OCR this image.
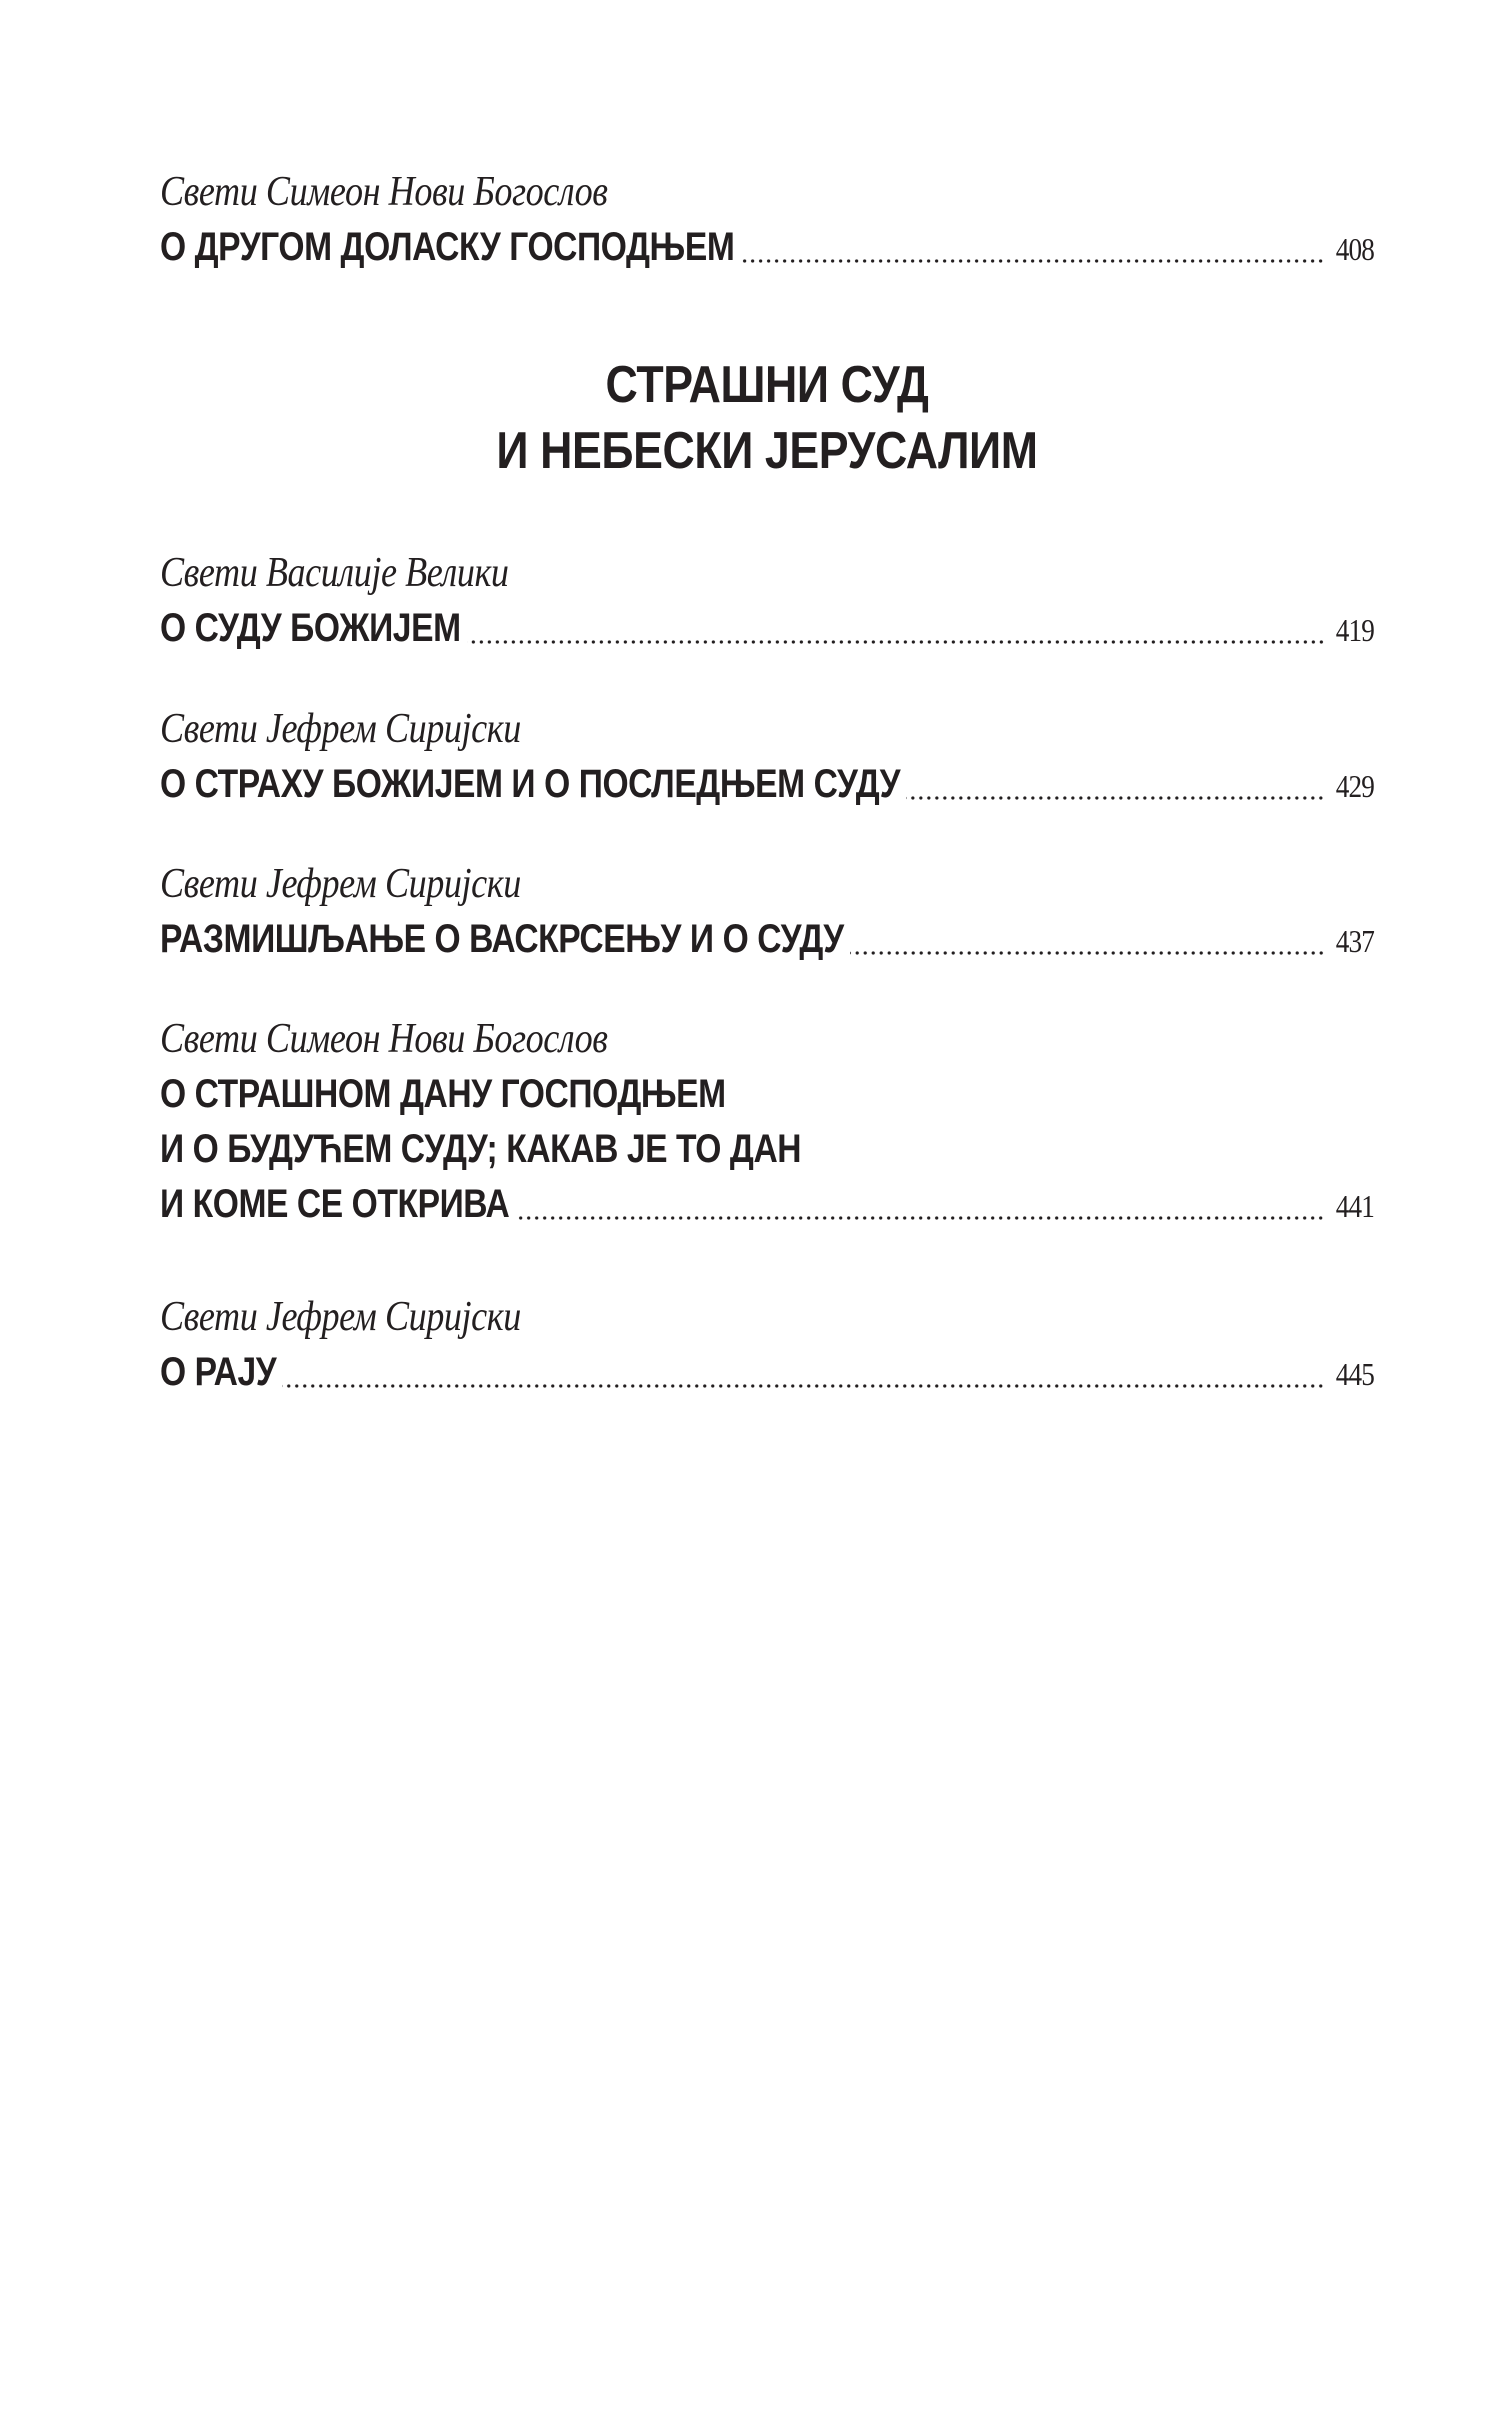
Свети Симеон Нови Богослов
О ДРУГОМ ДОЛАСКУ ГОСПОДЊЕМ	408
СТРАШНИ СУД
И НЕБЕСКИ ЈЕРУСАЛИМ
Свети Василије Велики
О СУДУ БОЖИЈЕМ	419
Свети Јефрем Сиријски
О СТРАХУ БОЖИЈЕМ И О ПОСЛЕДЊЕМ СУДУ	429
Свети Јефрем Сиријски
РАЗМИШЉАЊЕ О ВАСКРСЕЊУ И О СУДУ	437
Свети Симеон Нови Богослов
О СТРАШНОМ ДАНУ ГОСПОДЊЕМ
И О БУДУЋЕМ СУДУ; КАКАВ ЈЕ ТО ДАН
И КОМЕ СЕ ОТКРИВА	441
Свети Јефрем Сиријски
О РАЈУ	445
